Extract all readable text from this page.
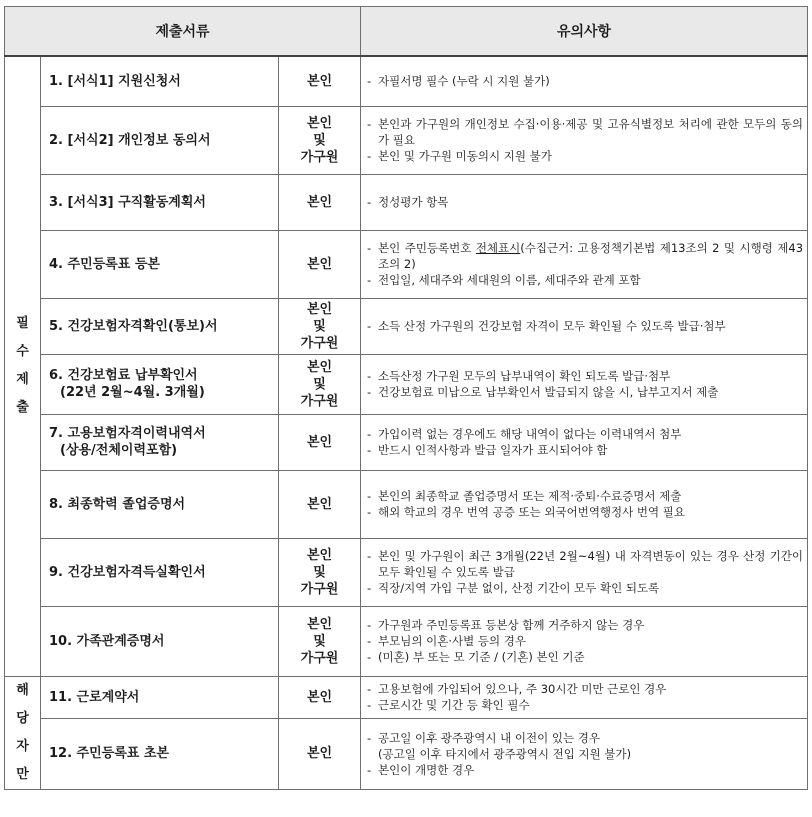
제출서류			유의사항

필
수
제
출	1. [서식1] 지원신청서	본인	- 자필서명 필수 (누락 시 지원 불가)

	2. [서식2] 개인정보 동의서	본인
및
가구원	- 본인과 가구원의 개인정보 수집·이용·제공 및 고유식별정보 처리에 관한 모두의 동의가 필요
- 본인 및 가구원 미동의시 지원 불가

	3. [서식3] 구직활동계획서	본인	- 정성평가 항목

	4. 주민등록표 등본	본인	- 본인 주민등록번호 전체표시(수집근거: 고용정책기본법 제13조의 2 및 시행령 제43조의 2)
- 전입일, 세대주와 세대원의 이름, 세대주와 관계 포함

	5. 건강보험자격확인(통보)서	본인
및
가구원	- 소득 산정 가구원의 건강보험 자격이 모두 확인될 수 있도록 발급·첨부

	6. 건강보험료 납부확인서
(22년 2월~4월. 3개월)	본인
및
가구원	- 소득산정 가구원 모두의 납부내역이 확인 되도록 발급·첨부
- 건강보험료 미납으로 납부확인서 발급되지 않을 시, 납부고지서 제출

	7. 고용보험자격이력내역서
(상용/전체이력포함)	본인	- 가입이력 없는 경우에도 해당 내역이 없다는 이력내역서 첨부
- 반드시 인적사항과 발급 일자가 표시되어야 함

	8. 최종학력 졸업증명서	본인	- 본인의 최종학교 졸업증명서 또는 제적·중퇴·수료증명서 제출
- 해외 학교의 경우 번역 공증 또는 외국어번역행정사 번역 필요

	9. 건강보험자격득실확인서	본인
및
가구원	- 본인 및 가구원이 최근 3개월(22년 2월~4월) 내 자격변동이 있는 경우 산정 기간이 모두 확인될 수 있도록 발급
- 직장/지역 가입 구분 없이, 산정 기간이 모두 확인 되도록

	10. 가족관계증명서	본인
및
가구원	- 가구원과 주민등록표 등본상 함께 거주하지 않는 경우
- 부모님의 이혼·사별 등의 경우
- (미혼) 부 또는 모 기준 / (기혼) 본인 기준

해
당
자
만	11. 근로계약서	본인	- 고용보험에 가입되어 있으나, 주 30시간 미만 근로인 경우
- 근로시간 및 기간 등 확인 필수

	12. 주민등록표 초본	본인	- 공고일 이후 광주광역시 내 이전이 있는 경우
(공고일 이후 타지에서 광주광역시 전입 지원 불가)
- 본인이 개명한 경우
